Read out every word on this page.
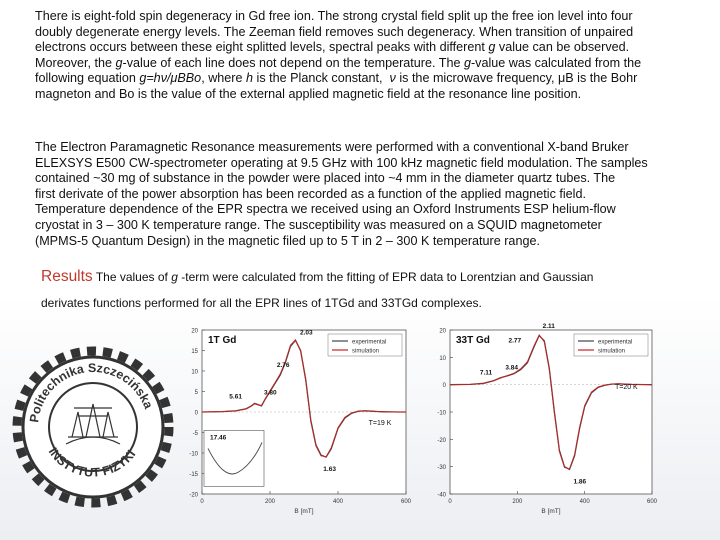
There is eight-fold spin degeneracy in Gd free ion. The strong crystal field split up the free ion level into four
doubly degenerate energy levels. The Zeeman field removes such degeneracy. When transition of unpaired
electrons occurs between these eight splitted levels, spectral peaks with different g value can be observed.
Moreover, the g-value of each line does not depend on the temperature. The g-value was calculated from the
following equation g=hν/μBBo, where h is the Planck constant, ν is the microwave frequency, μB is the Bohr
magneton and Bo is the value of the external applied magnetic field at the resonance line position.
The Electron Paramagnetic Resonance measurements were performed with a conventional X-band Bruker
ELEXSYS E500 CW-spectrometer operating at 9.5 GHz with 100 kHz magnetic field modulation. The samples
contained ~30 mg of substance in the powder were placed into ~4 mm in the diameter quartz tubes. The
first derivate of the power absorption has been recorded as a function of the applied magnetic field.
Temperature dependence of the EPR spectra we received using an Oxford Instruments ESP helium-flow
cryostat in 3 – 300 K temperature range. The susceptibility was measured on a SQUID magnetometer
(MPMS-5 Quantum Design) in the magnetic filed up to 5 T in 2 – 300 K temperature range.
Results The values of g -term were calculated from the fitting of EPR data to Lorentzian and Gaussian
derivates functions performed for all the EPR lines of 1TGd and 33TGd complexes.
Politechnika Szczecińska
INSTYTUT FIZYKI
20
15
10
5
0
-5
-10
-15
-20
0	200	400	600
B [mT]
1T Gd	experimental
simulation
2.03
2.76
5.61
3.80
1.63
T=19 K
17.46
20
10
0
-10
-20
-30
-40
0	200	400	600
B [mT]
33T Gd	experimental
simulation
2.11
2.77
7.11
3.84
1.86
T=20 K
